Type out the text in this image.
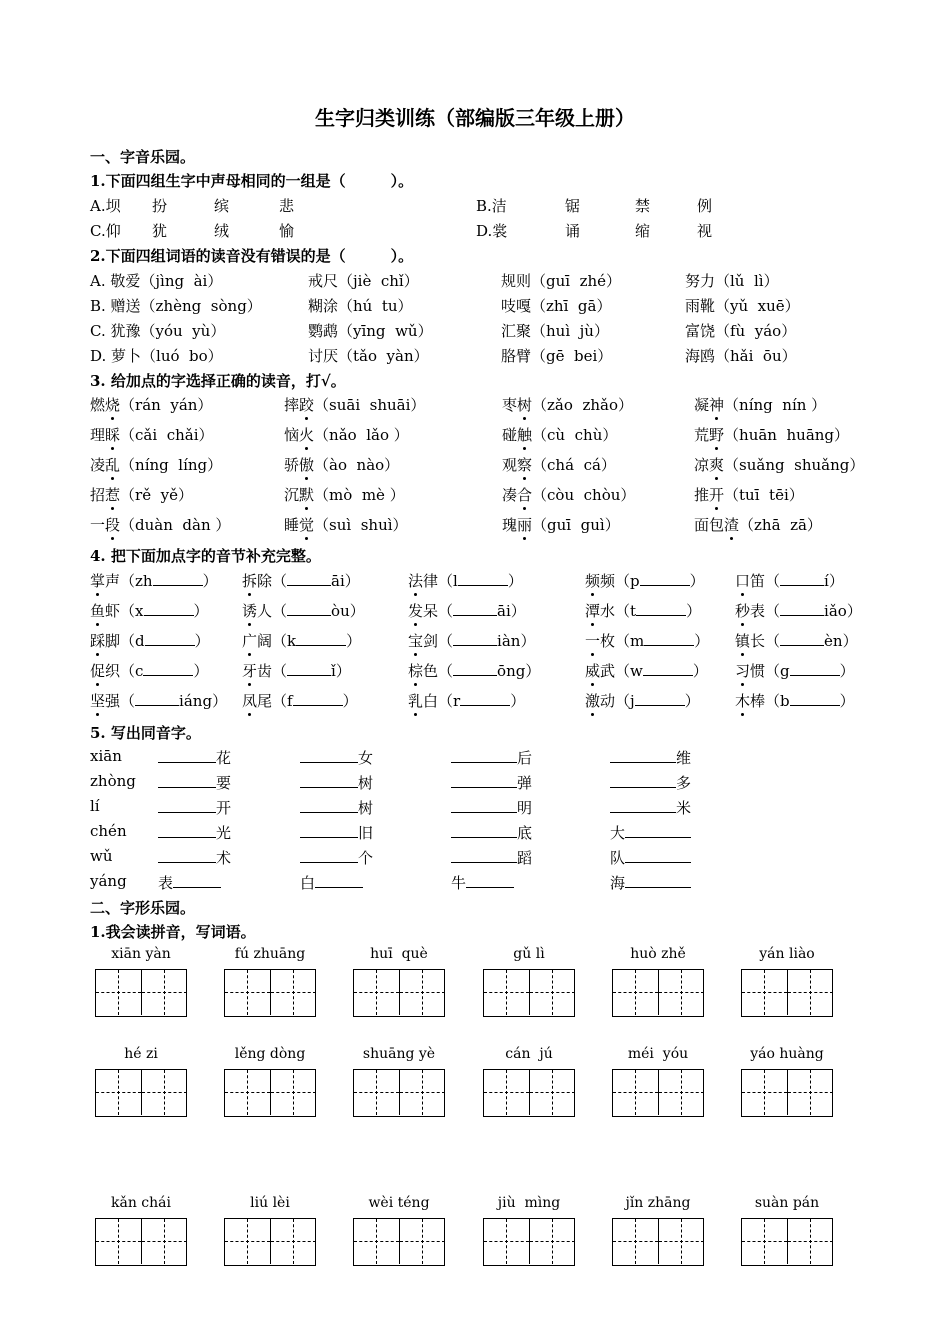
生字归类训练（部编版三年级上册）
一、字音乐园。
1.下面四组生字中声母相同的一组是（　　　）。
A.坝 扮	缤	悲	B.洁	锯	禁	例
C.仰 犹	绒	愉	D.裳	诵	缩	视
2.下面四组词语的读音没有错误的是（　　　）。
A. 敬爱（jìng  ài）	戒尺（jiè  chǐ）	规则（guī  zhé）	努力（lǔ  lì）
B. 赠送（zhèng  sòng）	糊涂（hú  tu）	吱嘎（zhī  gā）	雨靴（yǔ  xuē）
C. 犹豫（yóu  yù）	鹦鹉（yīng  wǔ）	汇聚（huì  jù）	富饶（fù  yáo）
D. 萝卜（luó  bo）	讨厌（tǎo  yàn）	胳臂（gē  bei）	海鸥（hǎi  ōu）
3. 给加点的字选择正确的读音，打√。
燃烧（rán  yán）	摔跤（suāi  shuāi）	枣树（zǎo  zhǎo）	凝神（níng  nín ）
理睬（cǎi  chǎi）	恼火（nǎo  lǎo ）	碰触（cù  chù）	荒野（huān  huāng）
凌乱（níng  líng）	骄傲（ào  nào）	观察（chá  cá）	凉爽（suǎng  shuǎng）
招惹（rě  yě）	沉默（mò  mè ）	凑合（còu  chòu）	推开（tuī  tēi）
一段（duàn  dàn ）	睡觉（suì  shuì）	瑰丽（guī  guì）	面包渣（zhā  zā）
4. 把下面加点字的音节补充完整。
掌声（zh	） 拆除（	āi）	法律（l	）	频频（p	） 口笛（	í）
鱼虾（x	） 诱人（	òu）	发呆（	āi）	潭水（t	） 秒表（	iǎo）
踩脚（d	） 广阔（k	）	宝剑（	iàn）	一枚（m	） 镇长（	èn）
促织（c	） 牙齿（	ǐ）	棕色（	ōng）	威武（w	） 习惯（g	）
坚强（	iáng） 凤尾（f	）	乳白（r	）	激动（j	） 木棒（b	）
5. 写出同音字。
xiān	花	女	后	维
zhòng	要	树	弹	多
lí	开	树	明	米
chén	光	旧	底	大
wǔ	术	个	蹈	队
yáng 表	白	牛	海
二、字形乐园。
1.我会读拼音，写词语。
xiān yàn	fú zhuāng	huī  què	gǔ lì	huò zhě	yán liào
hé zi	lěng dòng	shuāng yè	cán  jú	méi  yóu	yáo huàng
kǎn chái	liú lèi	wèi téng	jiù  mìng	jǐn zhāng	suàn pán
